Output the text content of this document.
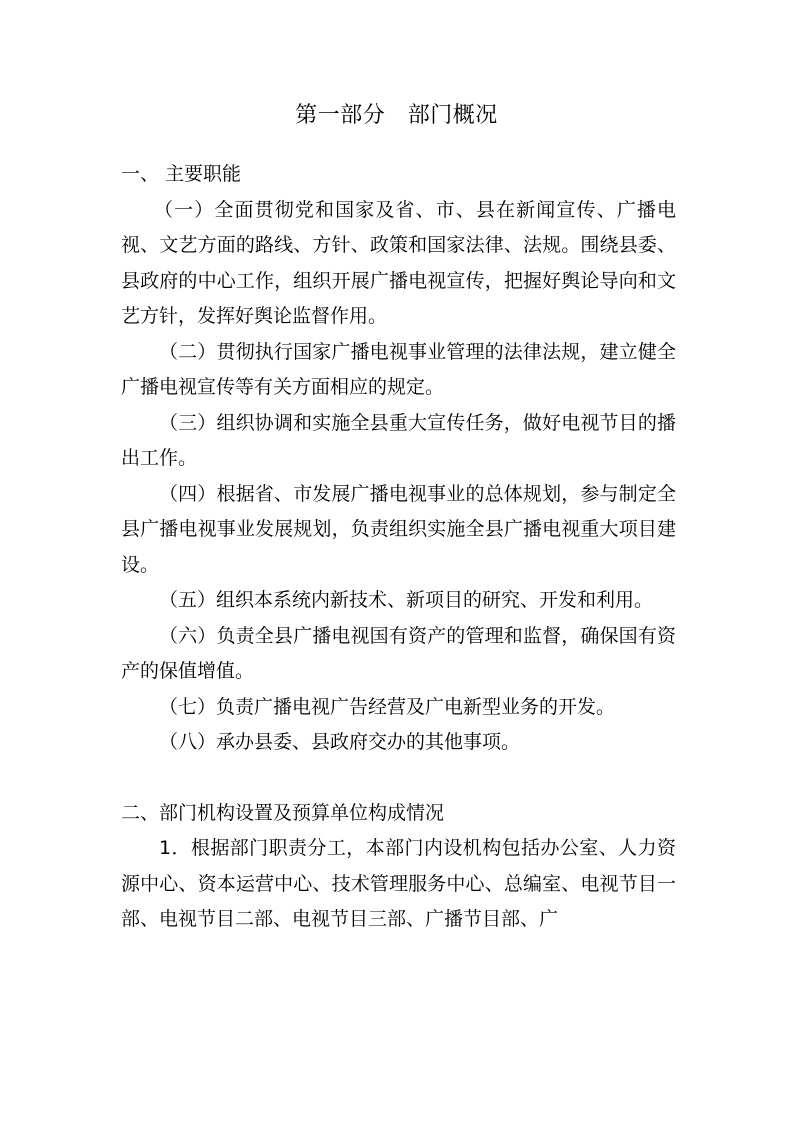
第一部分　部门概况

一、 主要职能

（一）全面贯彻党和国家及省、市、县在新闻宣传、广播电视、文艺方面的路线、方针、政策和国家法律、法规。围绕县委、县政府的中心工作，组织开展广播电视宣传，把握好舆论导向和文艺方针，发挥好舆论监督作用。

（二）贯彻执行国家广播电视事业管理的法律法规，建立健全广播电视宣传等有关方面相应的规定。

（三）组织协调和实施全县重大宣传任务，做好电视节目的播出工作。

（四）根据省、市发展广播电视事业的总体规划，参与制定全县广播电视事业发展规划，负责组织实施全县广播电视重大项目建设。

（五）组织本系统内新技术、新项目的研究、开发和利用。

（六）负责全县广播电视国有资产的管理和监督，确保国有资产的保值增值。

（七）负责广播电视广告经营及广电新型业务的开发。

（八）承办县委、县政府交办的其他事项。

二、部门机构设置及预算单位构成情况

1．根据部门职责分工，本部门内设机构包括办公室、人力资源中心、资本运营中心、技术管理服务中心、总编室、电视节目一部、电视节目二部、电视节目三部、广播节目部、广
